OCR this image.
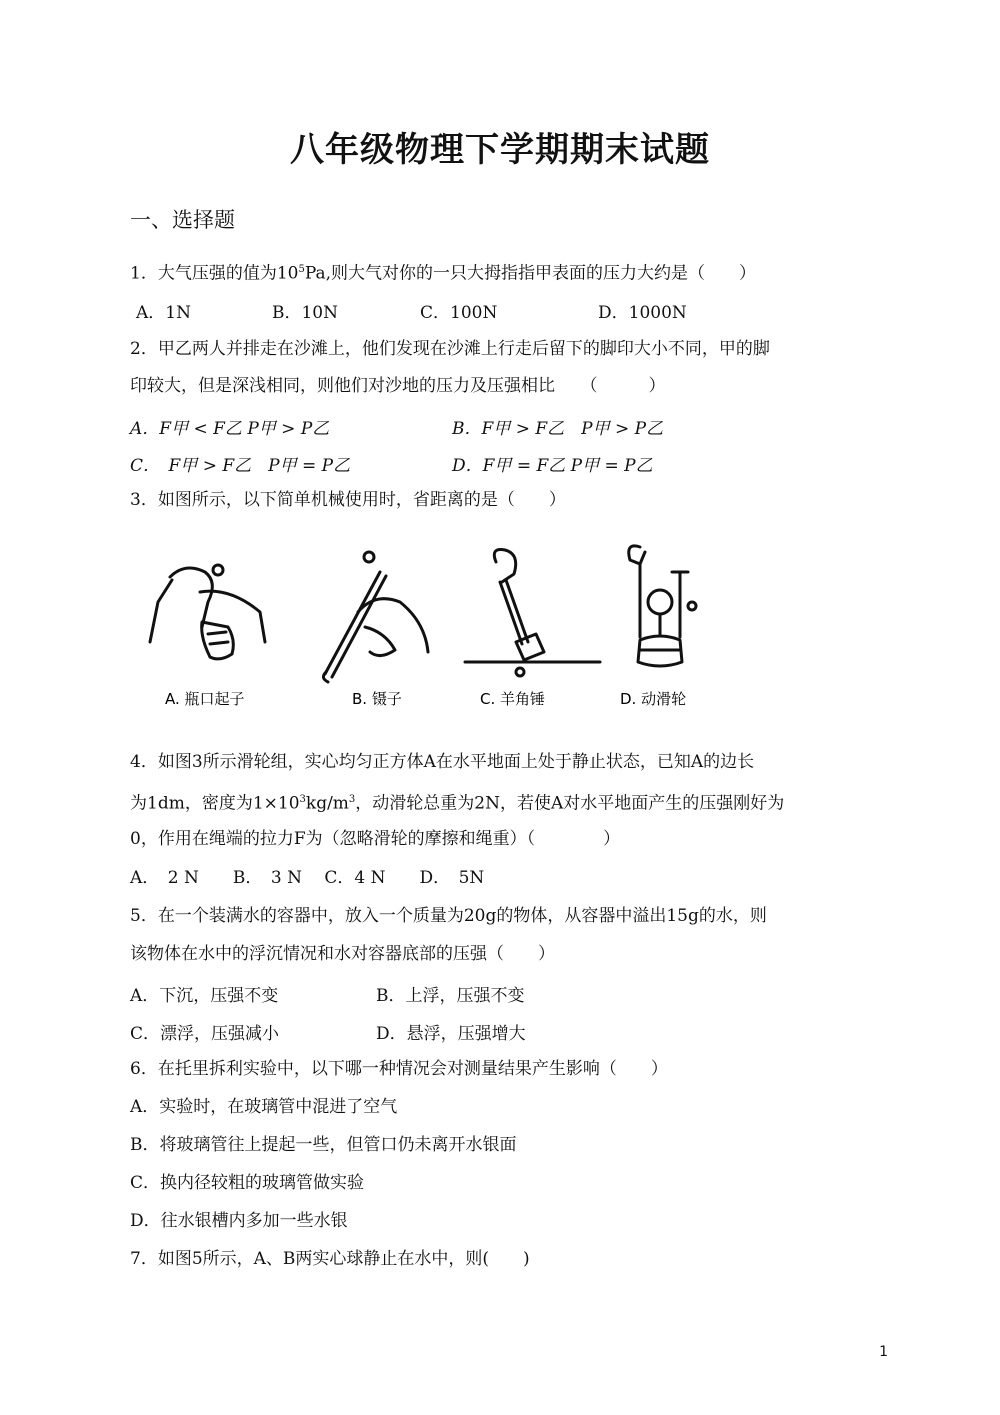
八年级物理下学期期末试题
一、选择题
1．大气压强的值为$10^5Pa$,则大气对你的一只大拇指指甲表面的压力大约是（　　）
A．1N	B．10N	C．100N	D．1000N
2．甲乙两人并排走在沙滩上，他们发现在沙滩上行走后留下的脚印大小不同，甲的脚
印较大，但是深浅相同，则他们对沙地的压力及压强相比　　（　　　）
A．F甲 < F乙 P甲 > P乙	B．F甲 > F乙　P甲 > P乙
C．　F甲 > F乙　P甲 = P乙	D．F甲 = F乙 P甲 = P乙
3．如图所示，以下简单机械使用时，省距离的是（　　）
A. 瓶口起子	B. 镊子	C. 羊角锤	D. 动滑轮
4．如图3所示滑轮组，实心均匀正方体A在水平地面上处于静止状态，已知A的边长
为1dm，密度为$1\times 10^3kg/m^3$，动滑轮总重为2N，若使A对水平地面产生的压强刚好为
0，作用在绳端的拉力F为（忽略滑轮的摩擦和绳重）（　　　　）
A．　2 N　　B．　3 N　 C．4 N　　D．　5N
5．在一个装满水的容器中，放入一个质量为20g的物体，从容器中溢出15g的水，则
该物体在水中的浮沉情况和水对容器底部的压强（　　）
A．下沉，压强不变	B．上浮，压强不变
C．漂浮，压强减小	D．悬浮，压强增大
6．在托里拆利实验中，以下哪一种情况会对测量结果产生影响（　　）
A．实验时，在玻璃管中混进了空气
B．将玻璃管往上提起一些，但管口仍未离开水银面
C．换内径较粗的玻璃管做实验
D．往水银槽内多加一些水银
7．如图5所示，A、B两实心球静止在水中，则(　　)
1
